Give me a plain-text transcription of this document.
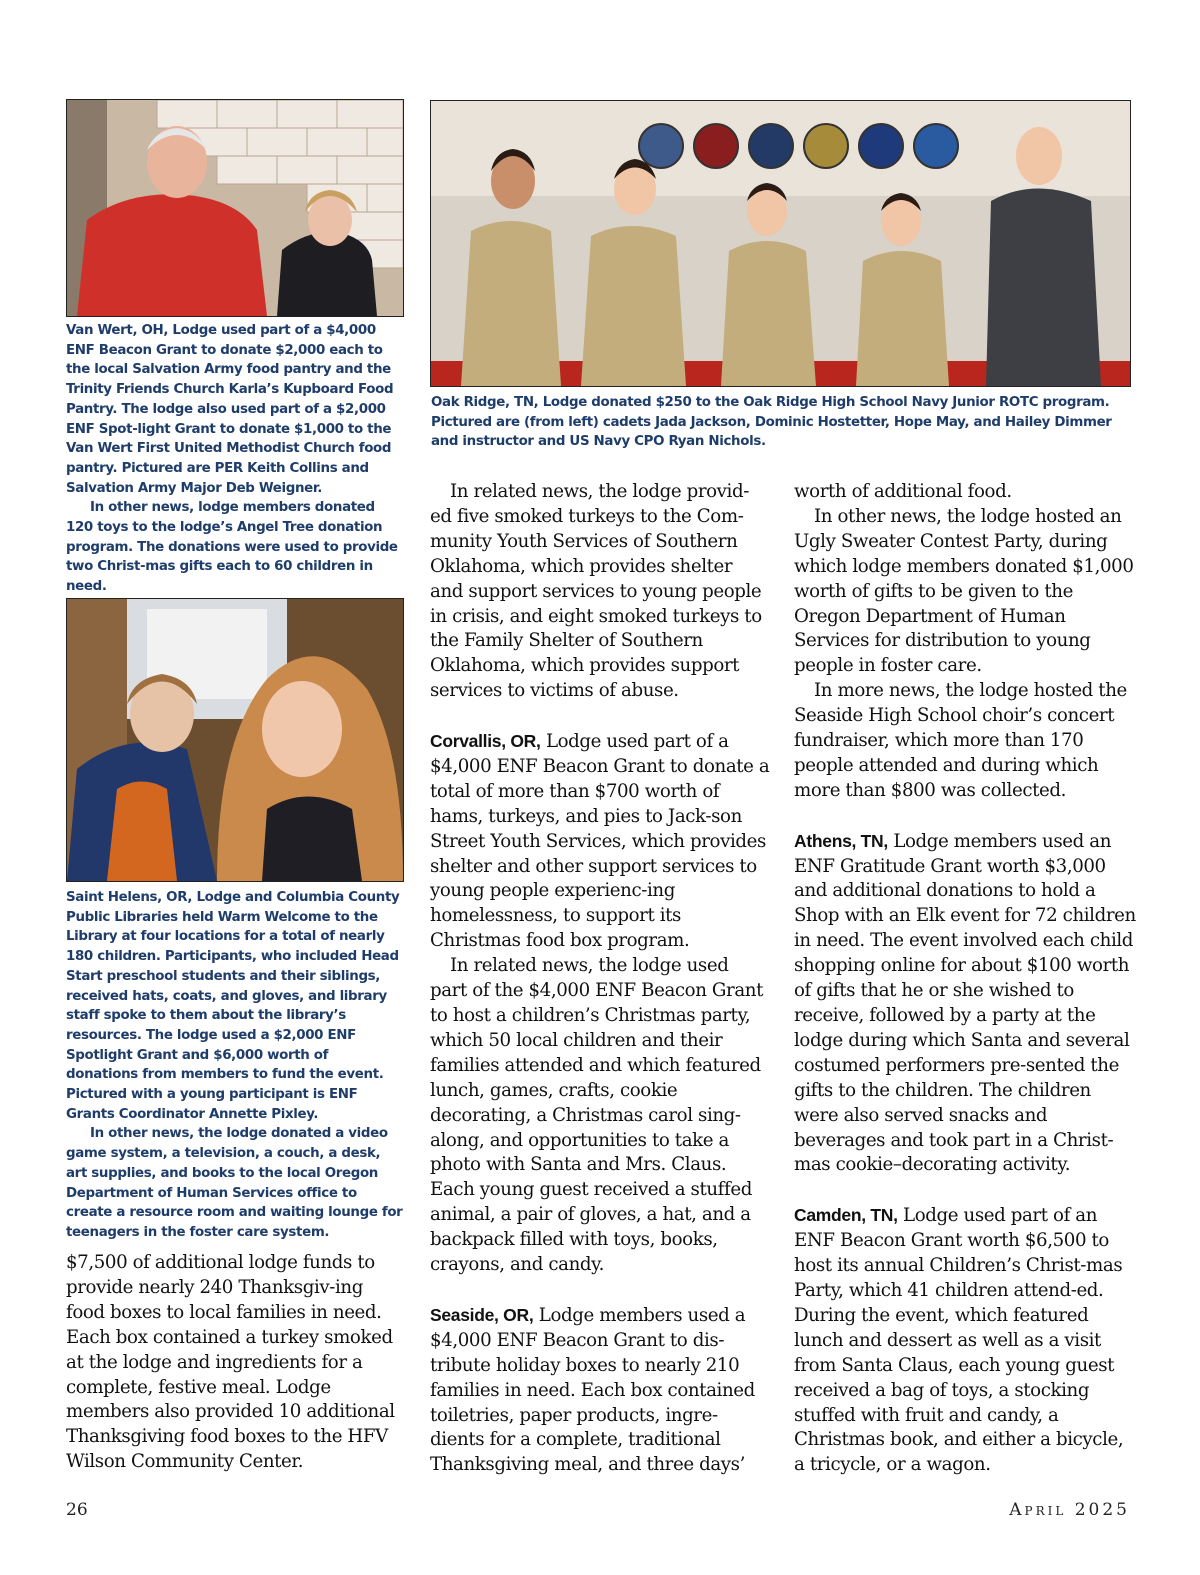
Oak Ridge, TN, Lodge donated $250 to the Oak Ridge High School Navy Junior ROTC program. Pictured are (from left) cadets Jada Jackson, Dominic Hostetter, Hope May, and Hailey Dimmer and instructor and US Navy CPO Ryan Nichols.

Van Wert, OH, Lodge used part of a $4,000 ENF Beacon Grant to donate $2,000 each to the local Salvation Army food pantry and the Trinity Friends Church Karla’s Kupboard Food Pantry. The lodge also used part of a $2,000 ENF Spot-light Grant to donate $1,000 to the Van Wert First United Methodist Church food pantry. Pictured are PER Keith Collins and Salvation Army Major Deb Weigner.

In other news, lodge members donated 120 toys to the lodge’s Angel Tree donation program. The donations were used to provide two Christ-mas gifts each to 60 children in need.

Saint Helens, OR, Lodge and Columbia County Public Libraries held Warm Welcome to the Library at four locations for a total of nearly 180 children. Participants, who included Head Start preschool students and their siblings, received hats, coats, and gloves, and library staff spoke to them about the library’s resources. The lodge used a $2,000 ENF Spotlight Grant and $6,000 worth of donations from members to fund the event. Pictured with a young participant is ENF Grants Coordinator Annette Pixley.

In other news, the lodge donated a video game system, a television, a couch, a desk, art supplies, and books to the local Oregon Department of Human Services office to create a resource room and waiting lounge for teenagers in the foster care system.

$7,500 of additional lodge funds to provide nearly 240 Thanksgiv-ing food boxes to local families in need. Each box contained a turkey smoked at the lodge and ingredients for a complete, festive meal. Lodge members also provided 10 additional Thanksgiving food boxes to the HFV Wilson Community Center.

In related news, the lodge provid-ed five smoked turkeys to the Com-munity Youth Services of Southern Oklahoma, which provides shelter and support services to young people in crisis, and eight smoked turkeys to the Family Shelter of Southern Oklahoma, which provides support services to victims of abuse.

Corvallis, OR, Lodge used part of a $4,000 ENF Beacon Grant to donate a total of more than $700 worth of hams, turkeys, and pies to Jack-son Street Youth Services, which provides shelter and other support services to young people experienc-ing homelessness, to support its Christmas food box program.

In related news, the lodge used part of the $4,000 ENF Beacon Grant to host a children’s Christmas party, which 50 local children and their families attended and which featured lunch, games, crafts, cookie decorating, a Christmas carol sing-along, and opportunities to take a photo with Santa and Mrs. Claus. Each young guest received a stuffed animal, a pair of gloves, a hat, and a backpack filled with toys, books, crayons, and candy.

Seaside, OR, Lodge members used a $4,000 ENF Beacon Grant to dis-tribute holiday boxes to nearly 210 families in need. Each box contained toiletries, paper products, ingre-dients for a complete, traditional Thanksgiving meal, and three days’

worth of additional food.

In other news, the lodge hosted an Ugly Sweater Contest Party, during which lodge members donated $1,000 worth of gifts to be given to the Oregon Department of Human Services for distribution to young people in foster care.

In more news, the lodge hosted the Seaside High School choir’s concert fundraiser, which more than 170 people attended and during which more than $800 was collected.

Athens, TN, Lodge members used an ENF Gratitude Grant worth $3,000 and additional donations to hold a Shop with an Elk event for 72 children in need. The event involved each child shopping online for about $100 worth of gifts that he or she wished to receive, followed by a party at the lodge during which Santa and several costumed performers pre-sented the gifts to the children. The children were also served snacks and beverages and took part in a Christ-mas cookie–decorating activity.

Camden, TN, Lodge used part of an ENF Beacon Grant worth $6,500 to host its annual Children’s Christ-mas Party, which 41 children attend-ed. During the event, which featured lunch and dessert as well as a visit from Santa Claus, each young guest received a bag of toys, a stocking stuffed with fruit and candy, a Christmas book, and either a bicycle, a tricycle, or a wagon.

26	April 2025
